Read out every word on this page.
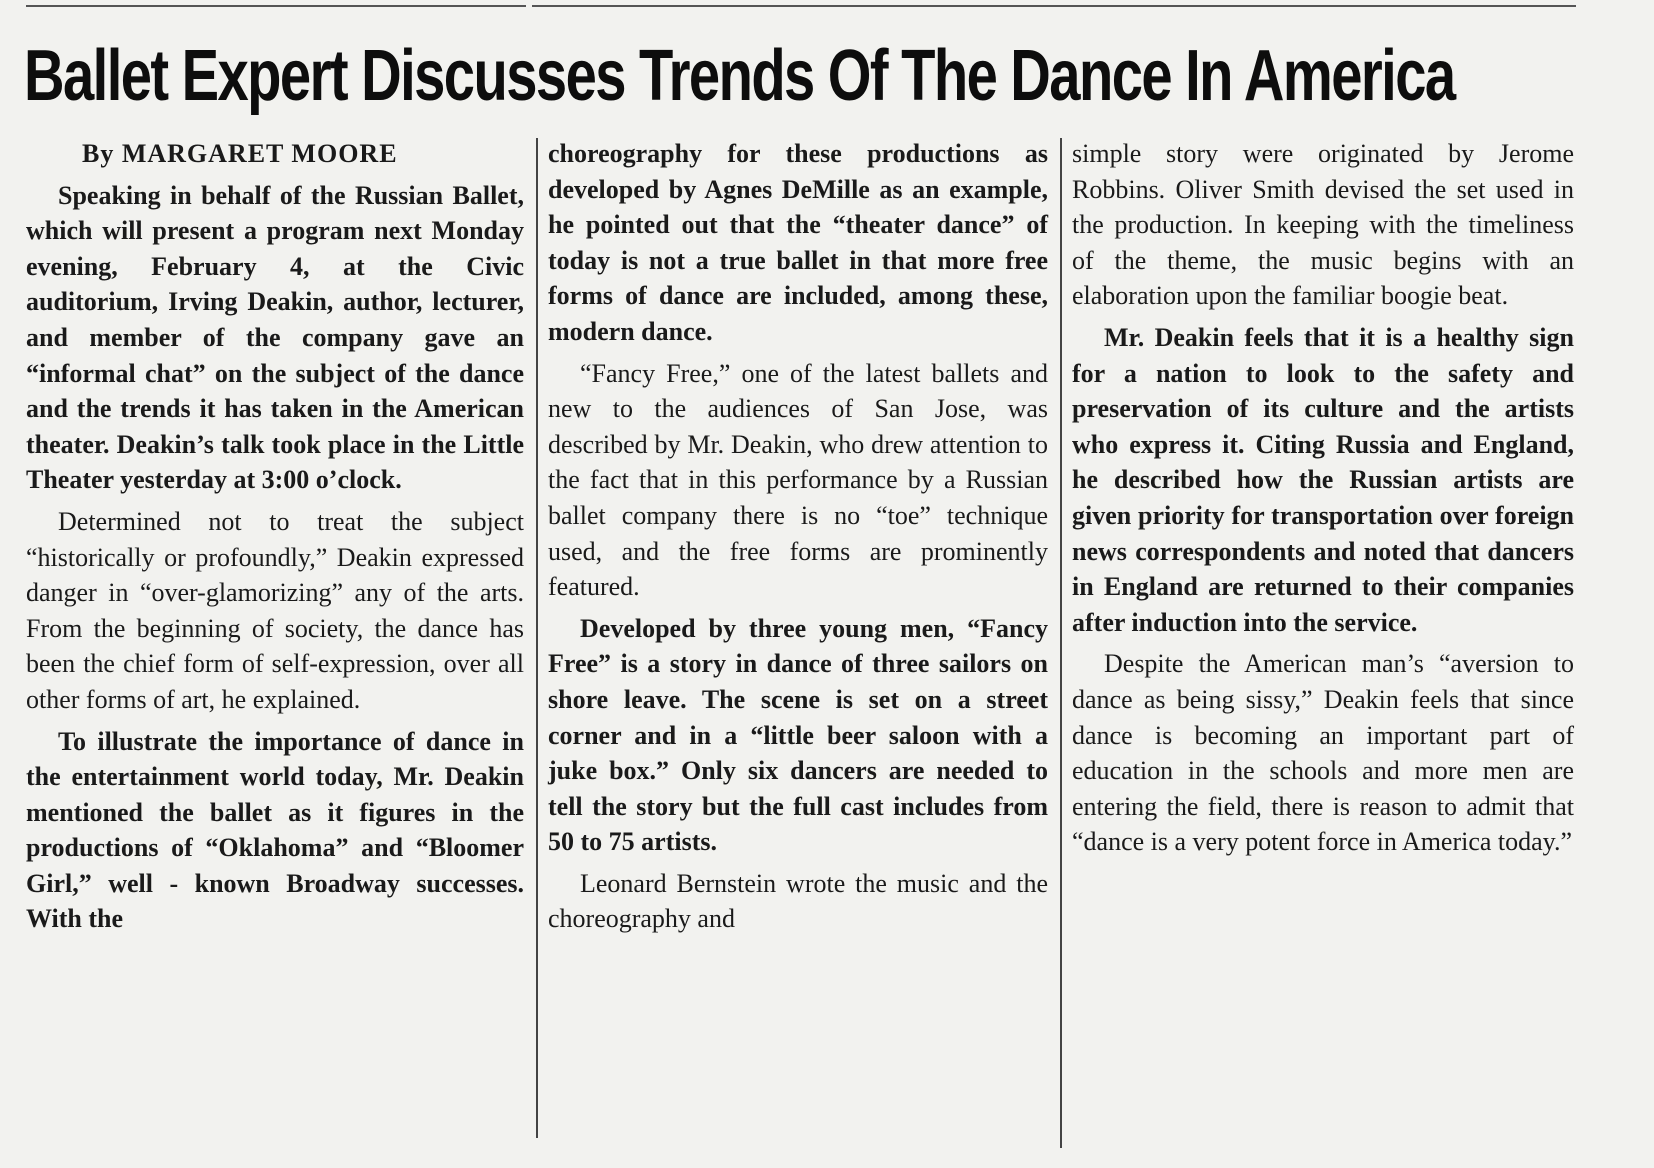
Ballet Expert Discusses Trends Of The Dance In America
By MARGARET MOORE

Speaking in behalf of the Russian Ballet, which will present a program next Monday evening, February 4, at the Civic auditorium, Irving Deakin, author, lecturer, and member of the company gave an “informal chat” on the subject of the dance and the trends it has taken in the American theater. Deakin’s talk took place in the Little Theater yesterday at 3:00 o’clock.

Determined not to treat the subject “historically or profoundly,” Deakin expressed danger in “over-glamorizing” any of the arts. From the beginning of society, the dance has been the chief form of self-expression, over all other forms of art, he explained.

To illustrate the importance of dance in the entertainment world today, Mr. Deakin mentioned the ballet as it figures in the productions of “Oklahoma” and “Bloomer Girl,” well - known Broadway successes. With the

choreography for these productions as developed by Agnes DeMille as an example, he pointed out that the “theater dance” of today is not a true ballet in that more free forms of dance are included, among these, modern dance.

“Fancy Free,” one of the latest ballets and new to the audiences of San Jose, was described by Mr. Deakin, who drew attention to the fact that in this performance by a Russian ballet company there is no “toe” technique used, and the free forms are prominently featured.

Developed by three young men, “Fancy Free” is a story in dance of three sailors on shore leave. The scene is set on a street corner and in a “little beer saloon with a juke box.” Only six dancers are needed to tell the story but the full cast includes from 50 to 75 artists.

Leonard Bernstein wrote the music and the choreography and

simple story were originated by Jerome Robbins. Oliver Smith devised the set used in the production. In keeping with the timeliness of the theme, the music begins with an elaboration upon the familiar boogie beat.

Mr. Deakin feels that it is a healthy sign for a nation to look to the safety and preservation of its culture and the artists who express it. Citing Russia and England, he described how the Russian artists are given priority for transportation over foreign news correspondents and noted that dancers in England are returned to their companies after induction into the service.

Despite the American man’s “aversion to dance as being sissy,” Deakin feels that since dance is becoming an important part of education in the schools and more men are entering the field, there is reason to admit that “dance is a very potent force in America today.”
